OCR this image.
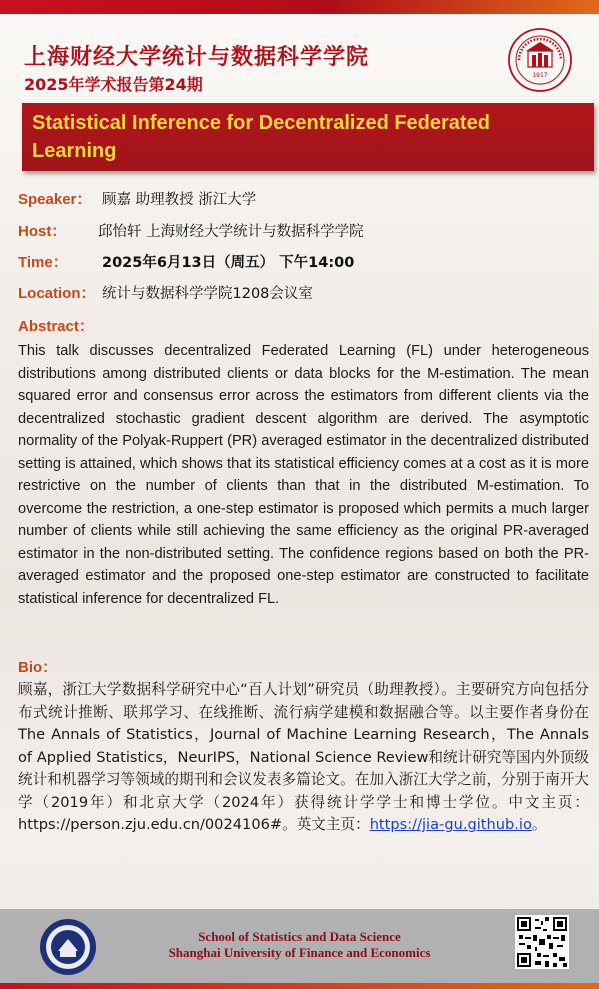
上海财经大学统计与数据科学学院
2025年学术报告第24期	1917
Statistical Inference for Decentralized Federated Learning
Speaker： 顾嘉 助理教授 浙江大学
Host： 邱怡轩 上海财经大学统计与数据科学学院
Time： 2025年6月13日（周五） 下午14:00
Location： 统计与数据科学学院1208会议室
Abstract：
This talk discusses decentralized Federated Learning (FL) under heterogeneous distributions among distributed clients or data blocks for the M-estimation. The mean squared error and consensus error across the estimators from different clients via the decentralized stochastic gradient descent algorithm are derived. The asymptotic normality of the Polyak-Ruppert (PR) averaged estimator in the decentralized distributed setting is attained, which shows that its statistical efficiency comes at a cost as it is more restrictive on the number of clients than that in the distributed M-estimation. To overcome the restriction, a one-step estimator is proposed which permits a much larger number of clients while still achieving the same efficiency as the original PR-averaged estimator in the non-distributed setting. The confidence regions based on both the PR-averaged estimator and the proposed one-step estimator are constructed to facilitate statistical inference for decentralized FL.
Bio：
顾嘉，浙江大学数据科学研究中心“百人计划”研究员（助理教授）。主要研究方向包括分布式统计推断、联邦学习、在线推断、流行病学建模和数据融合等。以主要作者身份在The Annals of Statistics，Journal of Machine Learning Research，The Annals of Applied Statistics，NeurIPS，National Science Review和统计研究等国内外顶级统计和机器学习等领域的期刊和会议发表多篇论文。在加入浙江大学之前，分别于南开大学（2019年）和北京大学（2024年）获得统计学学士和博士学位。中文主页：https://person.zju.edu.cn/0024106#。英文主页：https://jia-gu.github.io。
School of Statistics and Data Science
Shanghai University of Finance and Economics
